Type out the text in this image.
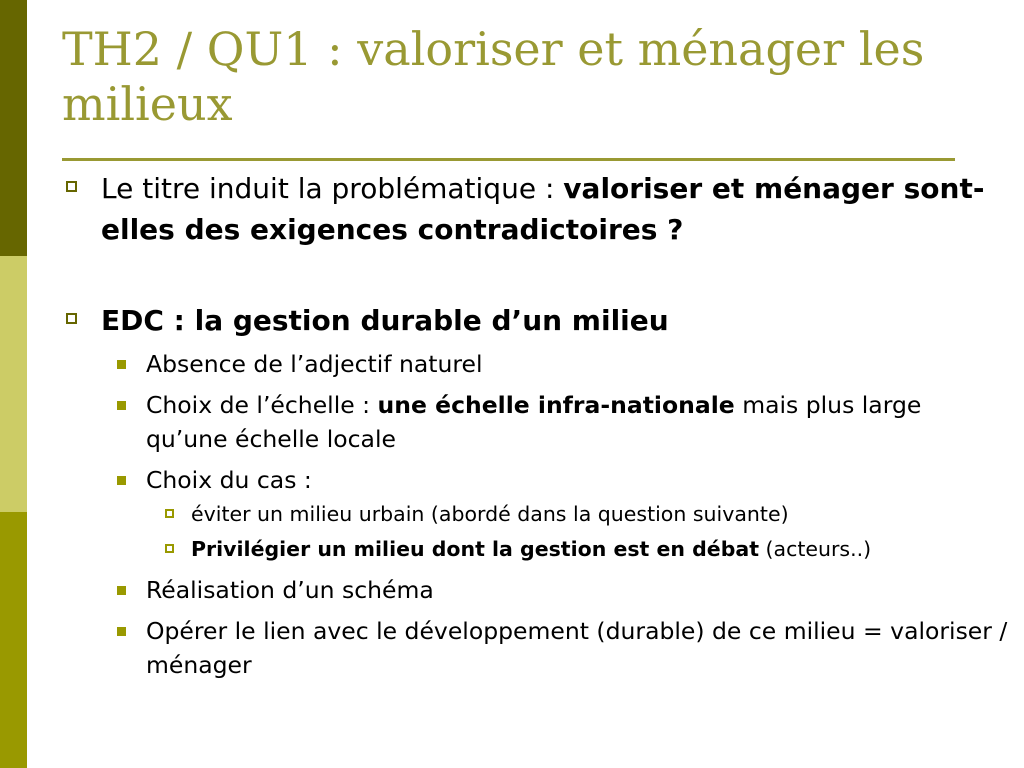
TH2 / QU1 : valoriser et ménager les
milieux
Le titre induit la problématique : valoriser et ménager sont-elles des exigences contradictoires ?
EDC : la gestion durable d’un milieu
Absence de l’adjectif naturel
Choix de l’échelle : une échelle infra-nationale mais plus large qu’une échelle locale
Choix du cas :
éviter un milieu urbain (abordé dans la question suivante)
Privilégier un milieu dont la gestion est en débat (acteurs..)
Réalisation d’un schéma
Opérer le lien avec le développement (durable) de ce milieu = valoriser / ménager
